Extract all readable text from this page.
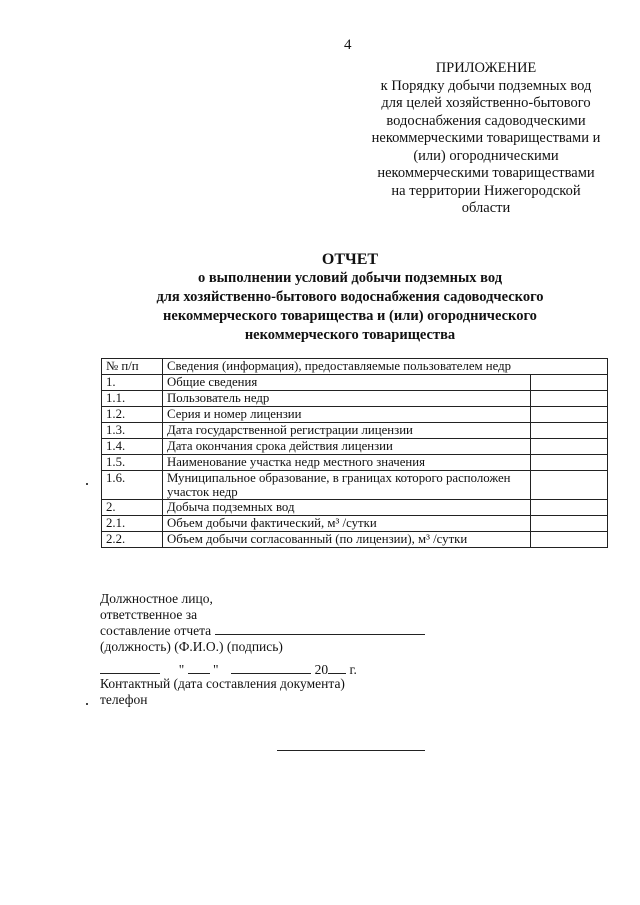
4
ПРИЛОЖЕНИЕ
к Порядку добычи подземных вод
для целей хозяйственно-бытового
водоснабжения садоводческими
некоммерческими товариществами и
(или) огородническими
некоммерческими товариществами
на территории Нижегородской
области
ОТЧЕТ
о выполнении условий добычи подземных вод
для хозяйственно-бытового водоснабжения садоводческого
некоммерческого товарищества и (или) огороднического
некоммерческого товарищества
№ п/п	Сведения (информация), предоставляемые пользователем недр	
1.	Общие сведения	
1.1.	Пользователь недр	
1.2.	Серия и номер лицензии	
1.3.	Дата государственной регистрации лицензии	
1.4.	Дата окончания срока действия лицензии	
1.5.	Наименование участка недр местного значения	
1.6.	Муниципальное образование, в границах которого расположен участок недр	
2.	Добыча подземных вод	
2.1.	Объем добычи фактический, м³ /сутки	
2.2.	Объем добычи согласованный (по лицензии), м³ /сутки	
Должностное лицо,
ответственное за
составление отчета
(должность) (Ф.И.О.) (подпись)
" "	20 г.
Контактный (дата составления документа)
телефон
